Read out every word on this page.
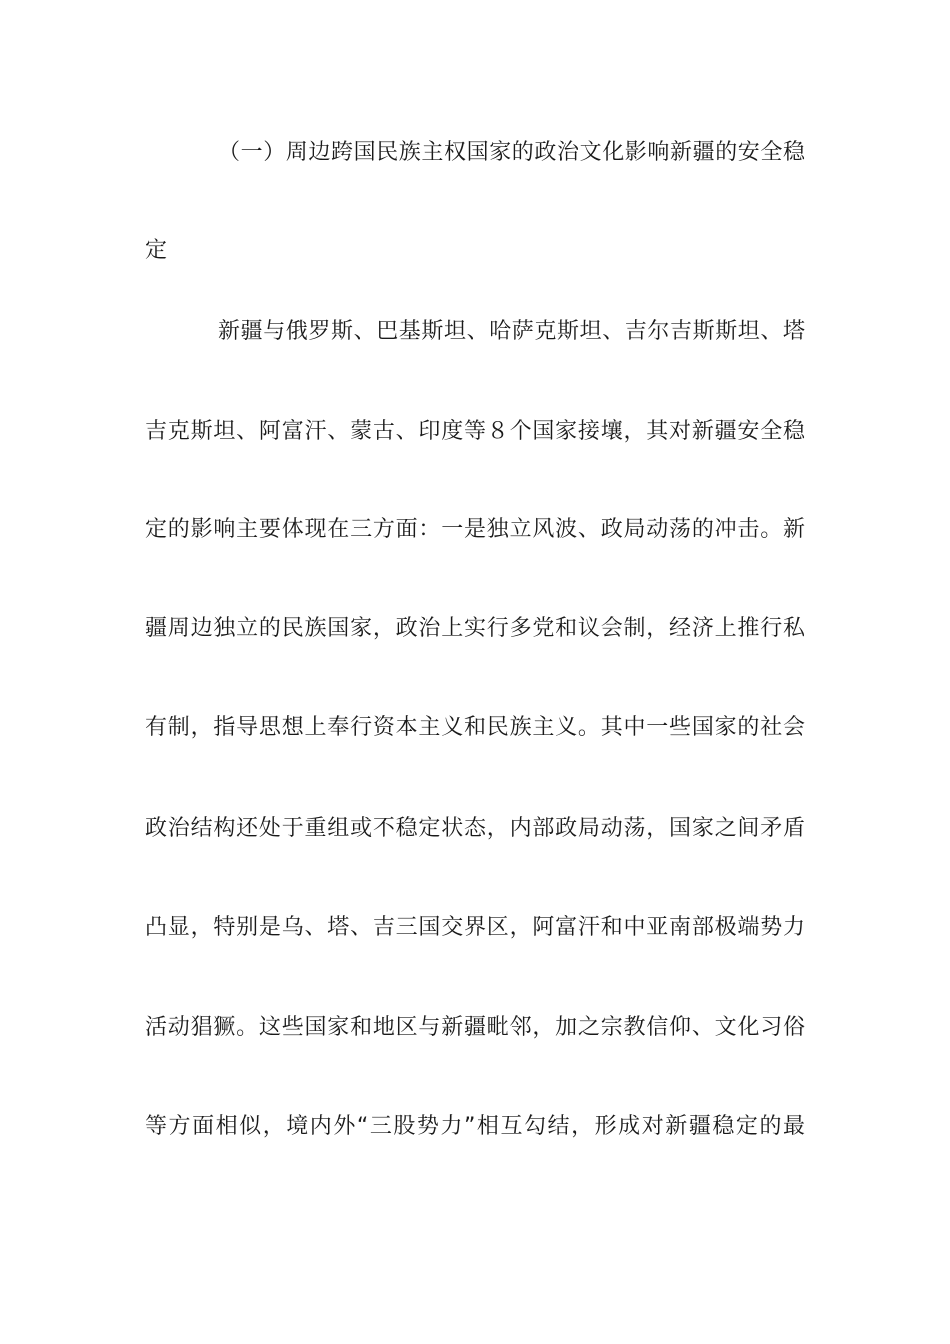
（一）周边跨国民族主权国家的政治文化影响新疆的安全稳
定
新疆与俄罗斯、巴基斯坦、哈萨克斯坦、吉尔吉斯斯坦、塔
吉克斯坦、阿富汗、蒙古、印度等８个国家接壤，其对新疆安全稳
定的影响主要体现在三方面：一是独立风波、政局动荡的冲击。新
疆周边独立的民族国家，政治上实行多党和议会制，经济上推行私
有制，指导思想上奉行资本主义和民族主义。其中一些国家的社会
政治结构还处于重组或不稳定状态，内部政局动荡，国家之间矛盾
凸显，特别是乌、塔、吉三国交界区，阿富汗和中亚南部极端势力
活动猖獗。这些国家和地区与新疆毗邻，加之宗教信仰、文化习俗
等方面相似，境内外“三股势力”相互勾结，形成对新疆稳定的最
